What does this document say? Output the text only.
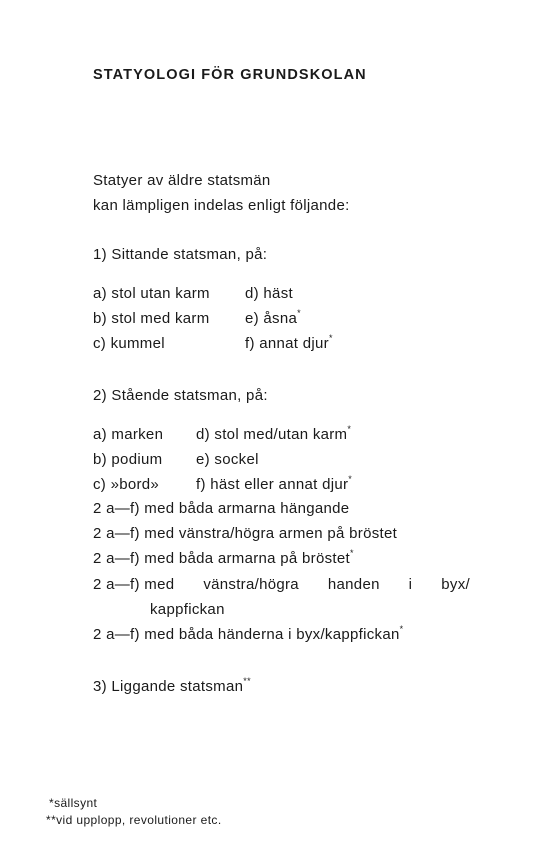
STATYOLOGI FÖR GRUNDSKOLAN
Statyer av äldre statsmän
kan lämpligen indelas enligt följande:
1) Sittande statsman, på:
a) stol utan karm d) häst
b) stol med karm e) åsna*
c) kummel	f) annat djur*
2) Stående statsman, på:
a) marken d) stol med/utan karm*
b) podium e) sockel
c) »bord» f) häst eller annat djur*
2 a—f) med båda armarna hängande
2 a—f) med vänstra/högra armen på bröstet
2 a—f) med båda armarna på bröstet*
2 a—f) med vänstra/högra handen i byx/
kappfickan
2 a—f) med båda händerna i byx/kappfickan*
3) Liggande statsman**
*sällsynt
**vid upplopp, revolutioner etc.
